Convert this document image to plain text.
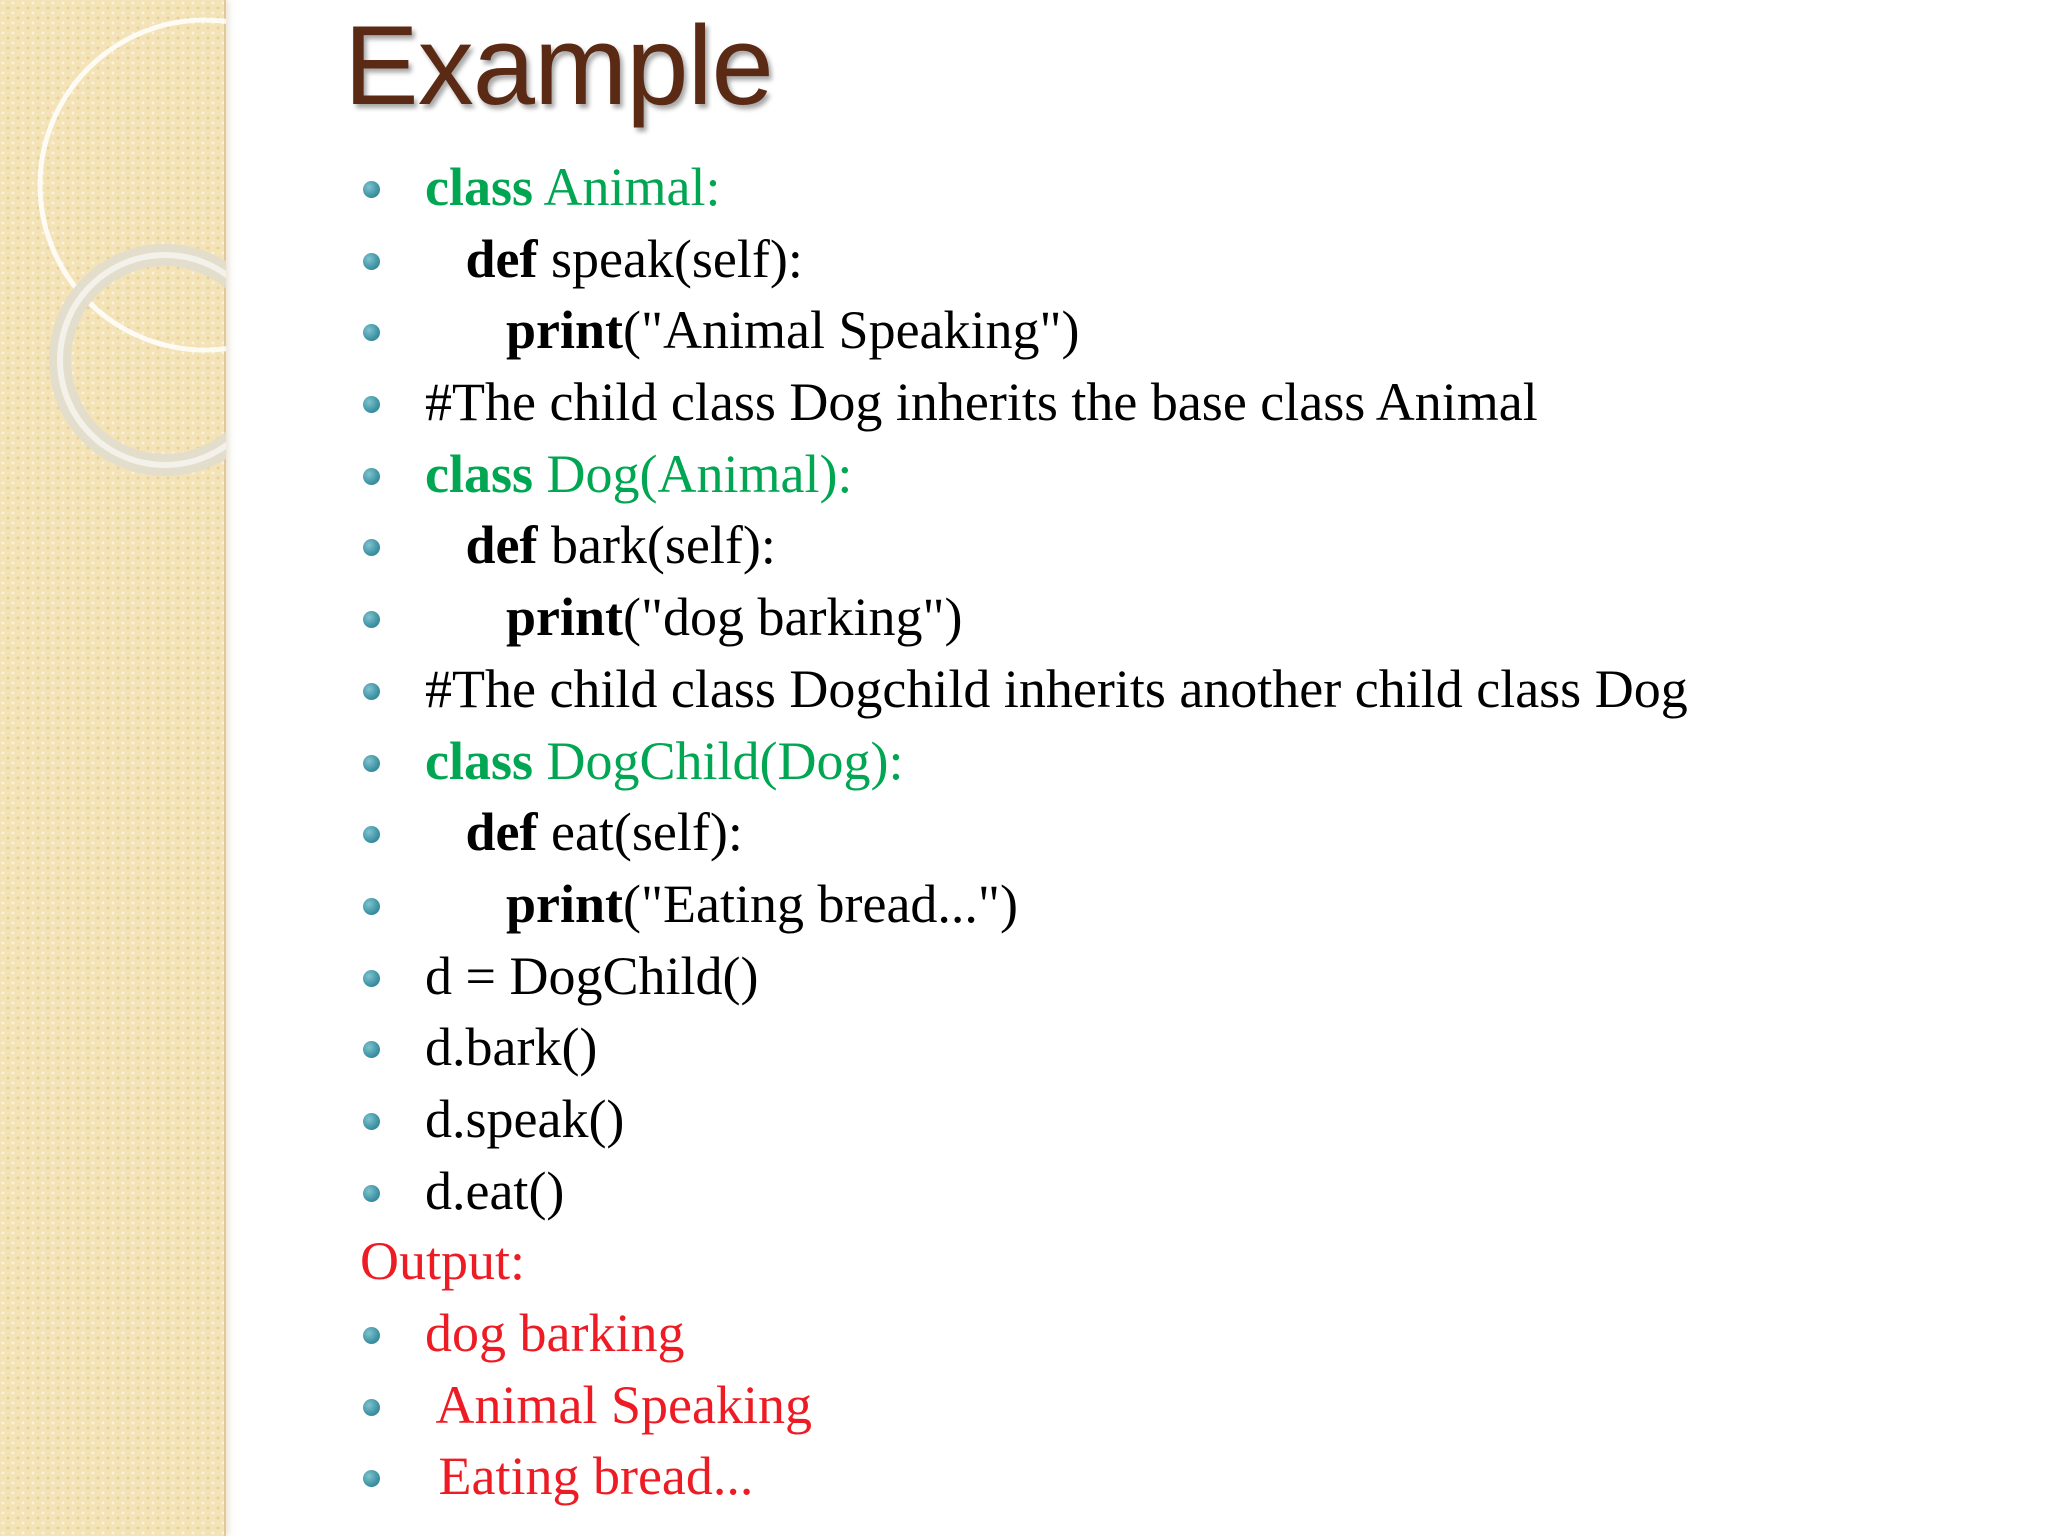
Example
class Animal:
def speak(self):
print("Animal Speaking")
#The child class Dog inherits the base class Animal
class Dog(Animal):
def bark(self):
print("dog barking")
#The child class Dogchild inherits another child class Dog
class DogChild(Dog):
def eat(self):
print("Eating bread...")
d = DogChild()
d.bark()
d.speak()
d.eat()

Output:

dog barking
Animal Speaking
Eating bread...
